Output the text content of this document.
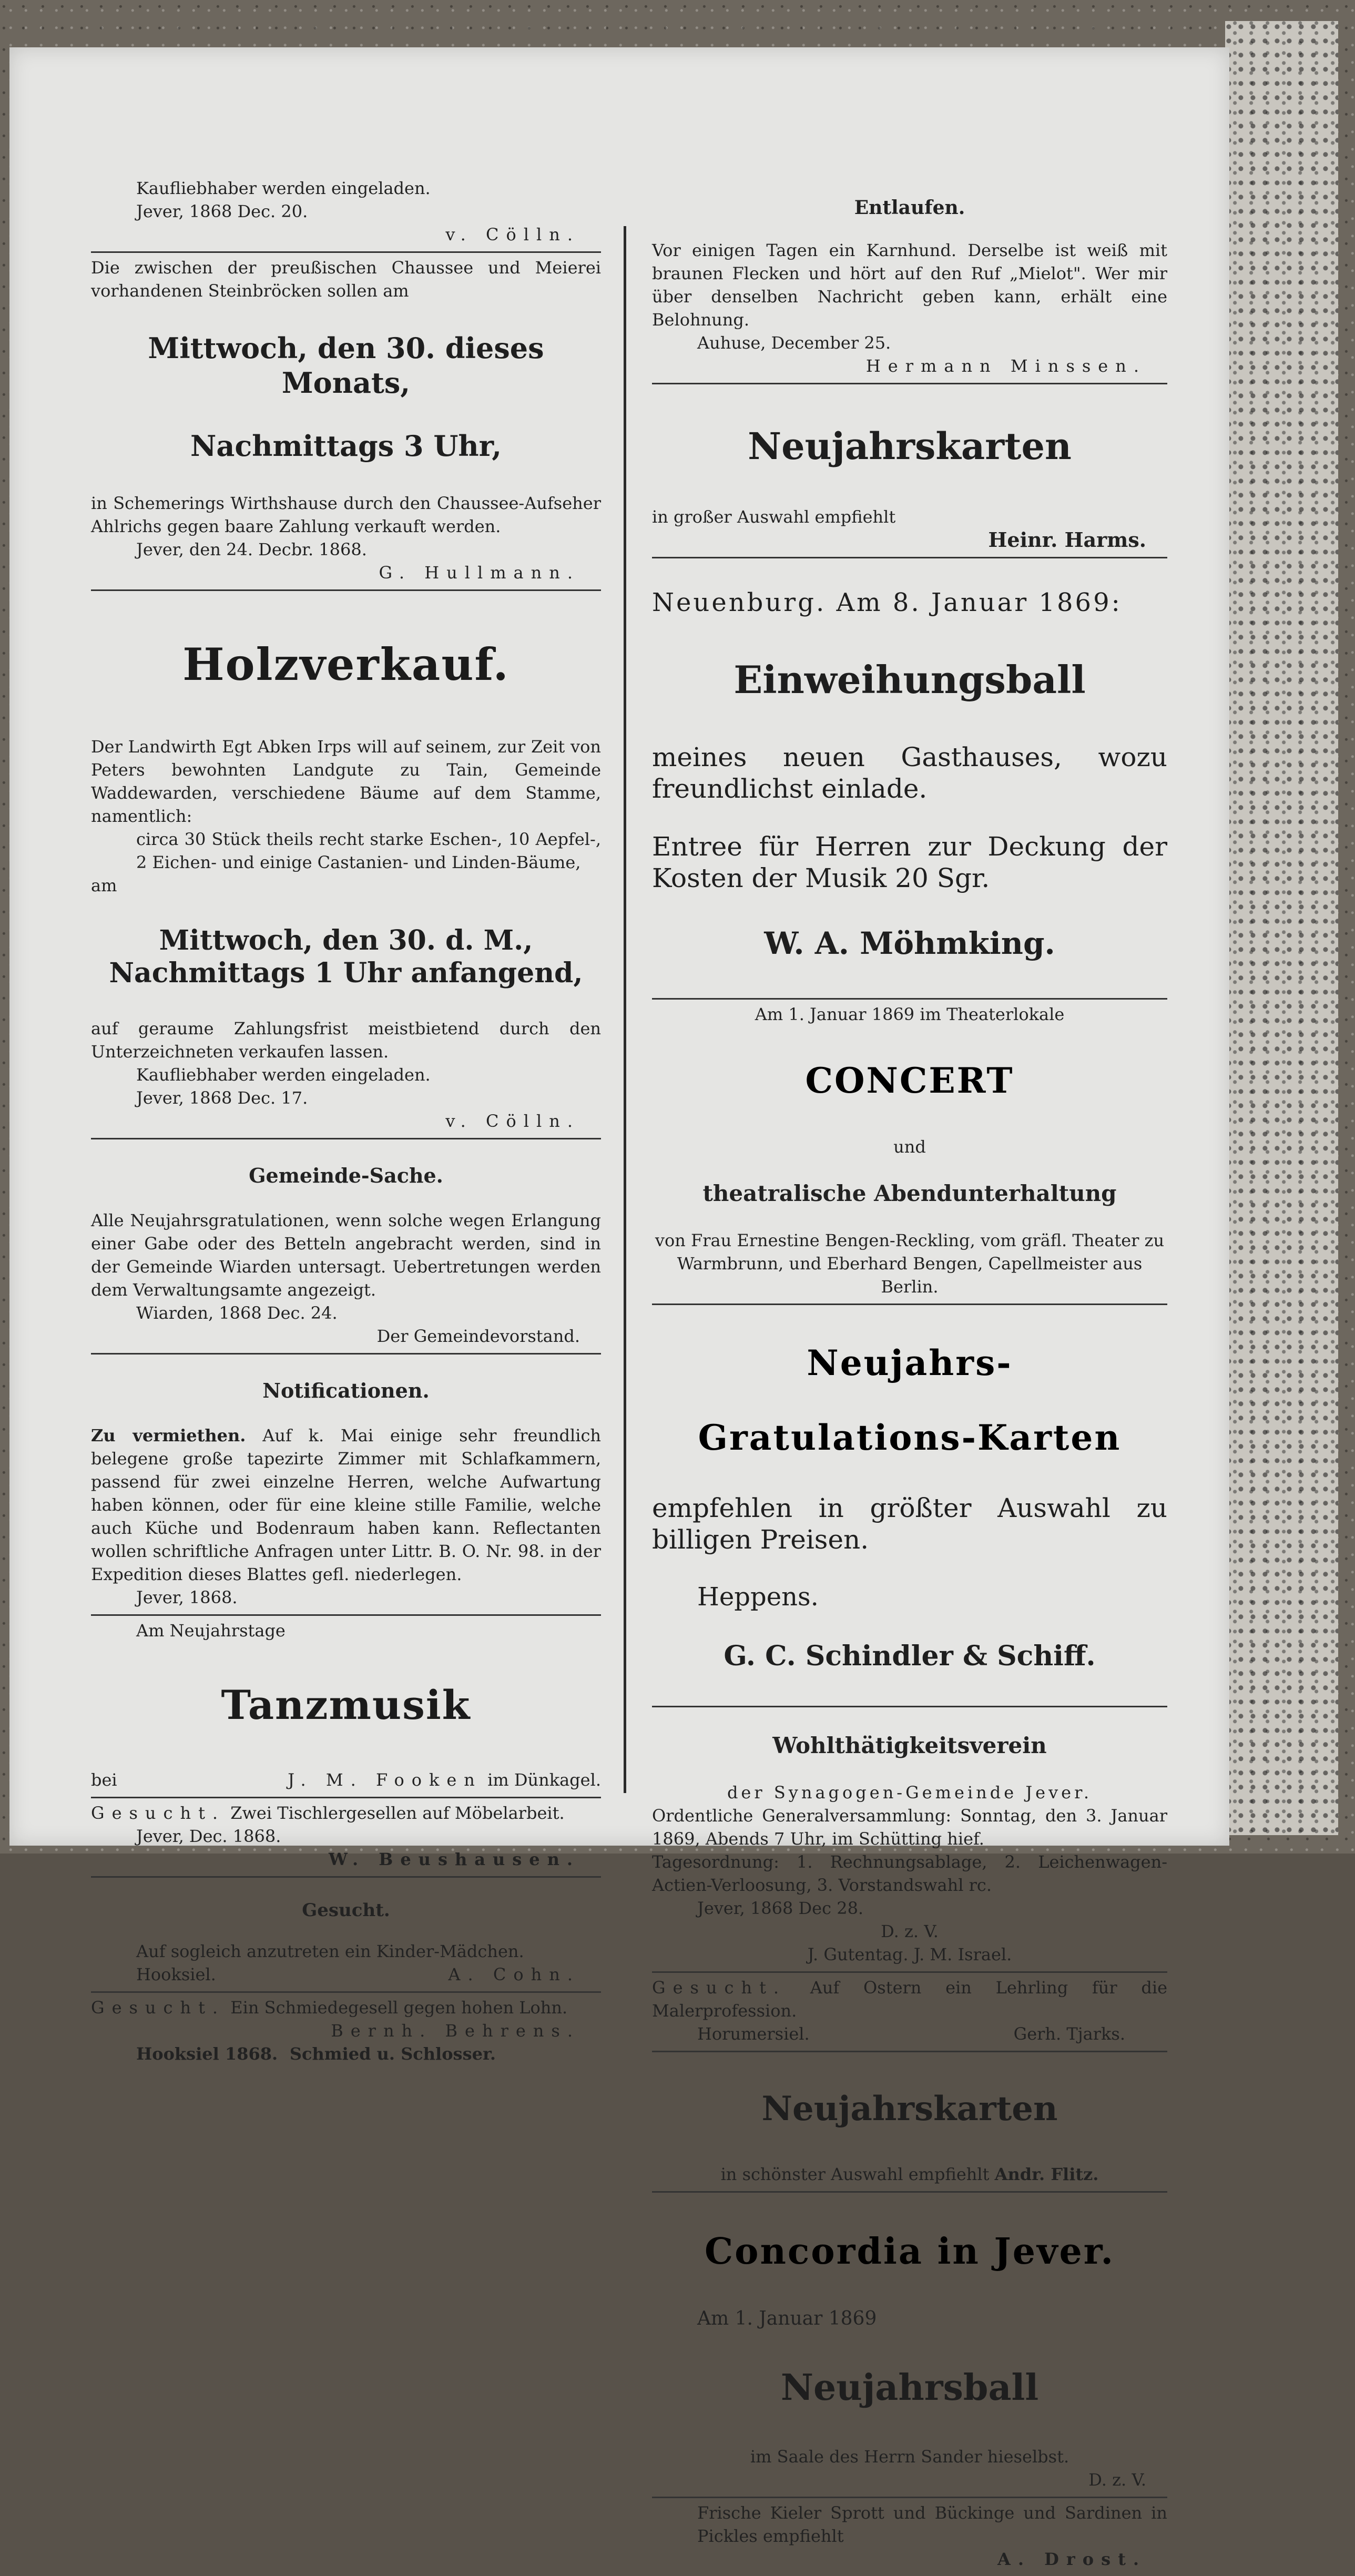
Kaufliebhaber werden eingeladen.

Jever, 1868 Dec. 20.

v. Cölln.

Die zwischen der preußischen Chaussee und Meierei vorhandenen Steinbröcken sollen am

Mittwoch, den 30. dieses Monats,

Nachmittags 3 Uhr,

in Schemerings Wirthshause durch den Chaussee-Aufseher Ahlrichs gegen baare Zahlung verkauft werden.

Jever, den 24. Decbr. 1868.

G. Hullmann.

Holzverkauf.

Der Landwirth Egt Abken Irps will auf seinem, zur Zeit von Peters bewohnten Landgute zu Tain, Gemeinde Waddewarden, verschiedene Bäume auf dem Stamme, namentlich:

circa 30 Stück theils recht starke Eschen-, 10 Aepfel-, 2 Eichen- und einige Castanien- und Linden-Bäume,

am

Mittwoch, den 30. d. M., Nachmittags 1 Uhr anfangend,

auf geraume Zahlungsfrist meistbietend durch den Unterzeichneten verkaufen lassen.

Kaufliebhaber werden eingeladen.

Jever, 1868 Dec. 17.

v. Cölln.

Gemeinde-Sache.

Alle Neujahrsgratulationen, wenn solche wegen Erlangung einer Gabe oder des Betteln angebracht werden, sind in der Gemeinde Wiarden untersagt. Uebertretungen werden dem Verwaltungsamte angezeigt.

Wiarden, 1868 Dec. 24.

Der Gemeindevorstand.

Notificationen.

Zu vermiethen. Auf k. Mai einige sehr freundlich belegene große tapezirte Zimmer mit Schlafkammern, passend für zwei einzelne Herren, welche Aufwartung haben können, oder für eine kleine stille Familie, welche auch Küche und Bodenraum haben kann. Reflectanten wollen schriftliche Anfragen unter Littr. B. O. Nr. 98. in der Expedition dieses Blattes gefl. niederlegen.

Jever, 1868.

Am Neujahrstage

Tanzmusik

bei	J. M. Fooken im Dünkagel.

Gesucht. Zwei Tischlergesellen auf Möbelarbeit.

Jever, Dec. 1868.

W. Beushausen.

Gesucht.

Auf sogleich anzutreten ein Kinder-Mädchen.

Hooksiel.	A. Cohn.

Gesucht. Ein Schmiedegesell gegen hohen Lohn.

Bernh. Behrens.

Hooksiel 1868. Schmied u. Schlosser.

Entlaufen.

Vor einigen Tagen ein Karnhund. Derselbe ist weiß mit braunen Flecken und hört auf den Ruf „Mielot". Wer mir über denselben Nachricht geben kann, erhält eine Belohnung.

Auhuse, December 25.

Hermann Minssen.

Neujahrskarten

in großer Auswahl empfiehlt

Heinr. Harms.

Neuenburg. Am 8. Januar 1869:

Einweihungsball

meines neuen Gasthauses, wozu freundlichst einlade.

Entree für Herren zur Deckung der Kosten der Musik 20 Sgr.

W. A. Möhmking.

Am 1. Januar 1869 im Theaterlokale

CONCERT

und

theatralische Abendunterhaltung

von Frau Ernestine Bengen-Reckling, vom gräfl. Theater zu Warmbrunn, und Eberhard Bengen, Capellmeister aus Berlin.

Neujahrs-

Gratulations-Karten

empfehlen in größter Auswahl zu billigen Preisen.

Heppens.

G. C. Schindler & Schiff.

Wohlthätigkeitsverein

der Synagogen-Gemeinde Jever.

Ordentliche Generalversammlung: Sonntag, den 3. Januar 1869, Abends 7 Uhr, im Schütting hief.

Tagesordnung: 1. Rechnungsablage, 2. Leichenwagen-Actien-Verloosung, 3. Vorstandswahl rc.

Jever, 1868 Dec 28.

D. z. V.

J. Gutentag. J. M. Israel.

Gesucht. Auf Ostern ein Lehrling für die Malerprofession.

Horumersiel.	Gerh. Tjarks.

Neujahrskarten

in schönster Auswahl empfiehlt Andr. Flitz.

Concordia in Jever.

Am 1. Januar 1869

Neujahrsball

im Saale des Herrn Sander hieselbst.

D. z. V.

Frische Kieler Sprott und Bückinge und Sardinen in Pickles empfiehlt

A. Drost.
